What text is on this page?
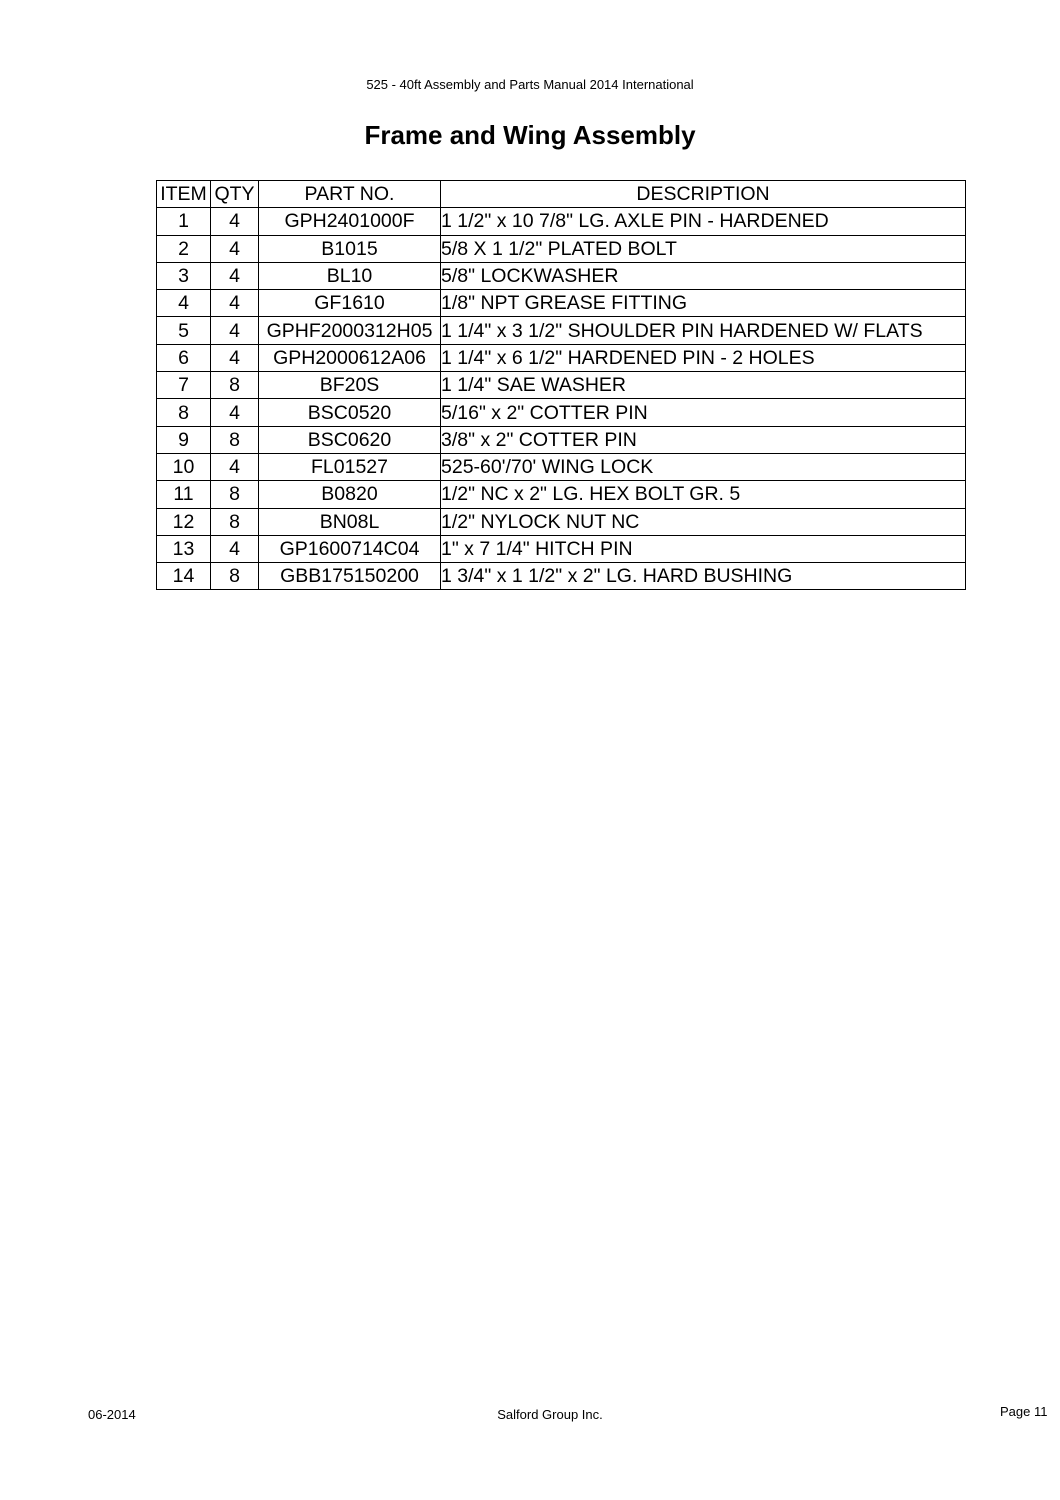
525 - 40ft Assembly and Parts Manual 2014 International
Frame and Wing Assembly
ITEM	QTY	PART NO.	DESCRIPTION
1	4	GPH2401000F	1 1/2" x 10 7/8" LG. AXLE PIN - HARDENED
2	4	B1015	5/8 X 1 1/2" PLATED BOLT
3	4	BL10	5/8" LOCKWASHER
4	4	GF1610	1/8" NPT GREASE FITTING
5	4	GPHF2000312H05	1 1/4" x 3 1/2" SHOULDER PIN HARDENED W/ FLATS
6	4	GPH2000612A06	1 1/4" x 6 1/2" HARDENED PIN - 2 HOLES
7	8	BF20S	1 1/4" SAE WASHER
8	4	BSC0520	5/16" x 2" COTTER PIN
9	8	BSC0620	3/8" x 2" COTTER PIN
10	4	FL01527	525-60'/70' WING LOCK
11	8	B0820	1/2" NC x 2" LG. HEX BOLT GR. 5
12	8	BN08L	1/2" NYLOCK NUT NC
13	4	GP1600714C04	1" x 7 1/4" HITCH PIN
14	8	GBB175150200	1 3/4" x 1 1/2" x 2" LG. HARD BUSHING
06-2014	Salford Group Inc.	Page 11
